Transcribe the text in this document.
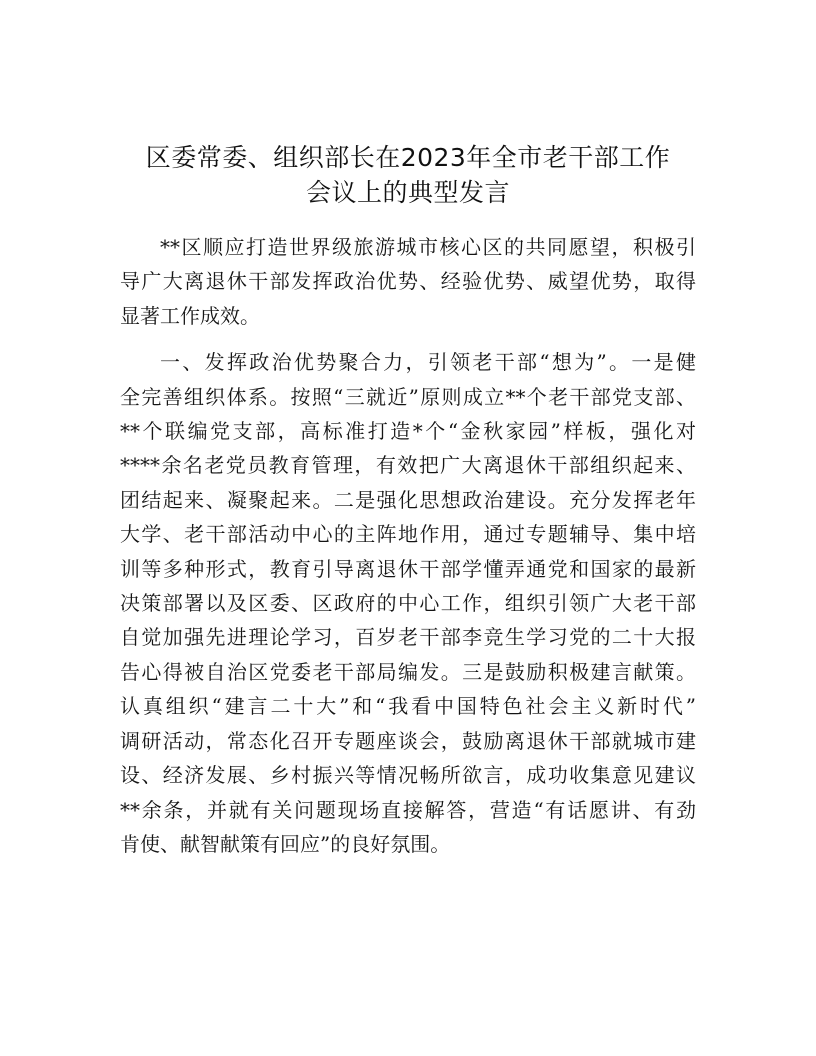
区委常委、组织部长在2023年全市老干部工作
会议上的典型发言
**区顺应打造世界级旅游城市核心区的共同愿望，积极引
导广大离退休干部发挥政治优势、经验优势、威望优势，取得
显著工作成效。
一、发挥政治优势聚合力，引领老干部“想为”。一是健
全完善组织体系。按照“三就近”原则成立**个老干部党支部、
**个联编党支部，高标准打造*个“金秋家园”样板，强化对
****余名老党员教育管理，有效把广大离退休干部组织起来、
团结起来、凝聚起来。二是强化思想政治建设。充分发挥老年
大学、老干部活动中心的主阵地作用，通过专题辅导、集中培
训等多种形式，教育引导离退休干部学懂弄通党和国家的最新
决策部署以及区委、区政府的中心工作，组织引领广大老干部
自觉加强先进理论学习，百岁老干部李竞生学习党的二十大报
告心得被自治区党委老干部局编发。三是鼓励积极建言献策。
认真组织“建言二十大”和“我看中国特色社会主义新时代”
调研活动，常态化召开专题座谈会，鼓励离退休干部就城市建
设、经济发展、乡村振兴等情况畅所欲言，成功收集意见建议
**余条，并就有关问题现场直接解答，营造“有话愿讲、有劲
肯使、献智献策有回应”的良好氛围。
